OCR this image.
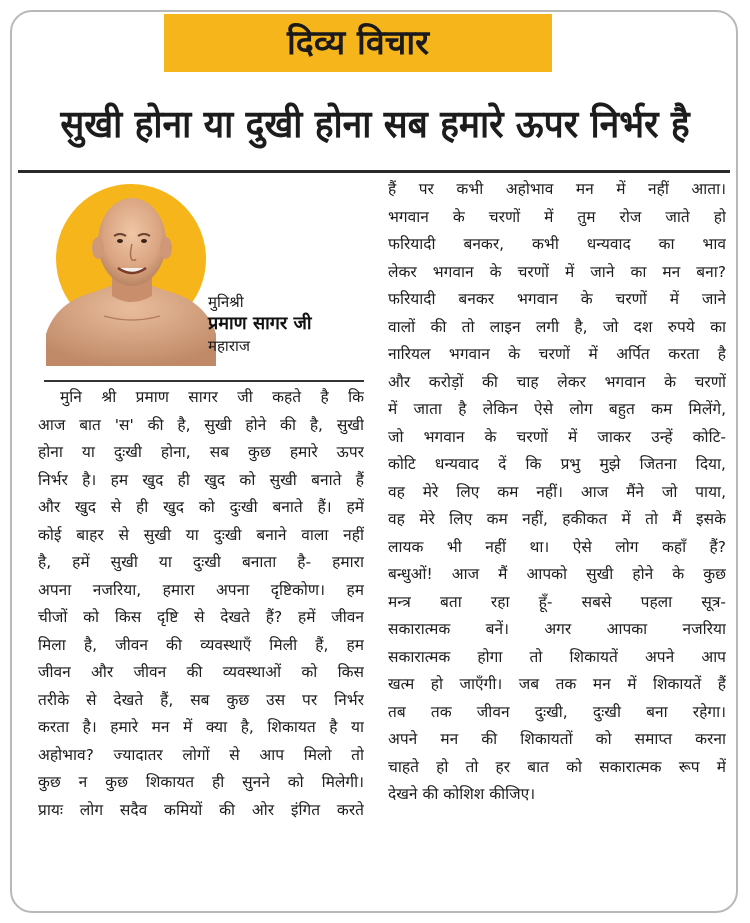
दिव्य विचार
सुखी होना या दुखी होना सब हमारे ऊपर निर्भर है
मुनिश्री
प्रमाण सागर जी
महाराज
मुनि श्री प्रमाण सागर जी कहते है कि
आज बात 'स' की है, सुखी होने की है, सुखी
होना या दुःखी होना, सब कुछ हमारे ऊपर
निर्भर है। हम खुद ही खुद को सुखी बनाते हैं
और खुद से ही खुद को दुःखी बनाते हैं। हमें
कोई बाहर से सुखी या दुःखी बनाने वाला नहीं
है, हमें सुखी या दुःखी बनाता है- हमारा
अपना नजरिया, हमारा अपना दृष्टिकोण। हम
चीजों को किस दृष्टि से देखते हैं? हमें जीवन
मिला है, जीवन की व्यवस्थाएँ मिली हैं, हम
जीवन और जीवन की व्यवस्थाओं को किस
तरीके से देखते हैं, सब कुछ उस पर निर्भर
करता है। हमारे मन में क्या है, शिकायत है या
अहोभाव? ज्यादातर लोगों से आप मिलो तो
कुछ न कुछ शिकायत ही सुनने को मिलेगी।
प्रायः लोग सदैव कमियों की ओर इंगित करते
हैं पर कभी अहोभाव मन में नहीं आता।
भगवान के चरणों में तुम रोज जाते हो
फरियादी बनकर, कभी धन्यवाद का भाव
लेकर भगवान के चरणों में जाने का मन बना?
फरियादी बनकर भगवान के चरणों में जाने
वालों की तो लाइन लगी है, जो दश रुपये का
नारियल भगवान के चरणों में अर्पित करता है
और करोड़ों की चाह लेकर भगवान के चरणों
में जाता है लेकिन ऐसे लोग बहुत कम मिलेंगे,
जो भगवान के चरणों में जाकर उन्हें कोटि-
कोटि धन्यवाद दें कि प्रभु मुझे जितना दिया,
वह मेरे लिए कम नहीं। आज मैंने जो पाया,
वह मेरे लिए कम नहीं, हकीकत में तो मैं इसके
लायक भी नहीं था। ऐसे लोग कहाँ हैं?
बन्धुओं! आज मैं आपको सुखी होने के कुछ
मन्त्र बता रहा हूँ- सबसे पहला सूत्र-
सकारात्मक बनें। अगर आपका नजरिया
सकारात्मक होगा तो शिकायतें अपने आप
खत्म हो जाएँगी। जब तक मन में शिकायतें हैं
तब तक जीवन दुःखी, दुःखी बना रहेगा।
अपने मन की शिकायतों को समाप्त करना
चाहते हो तो हर बात को सकारात्मक रूप में
देखने की कोशिश कीजिए।
